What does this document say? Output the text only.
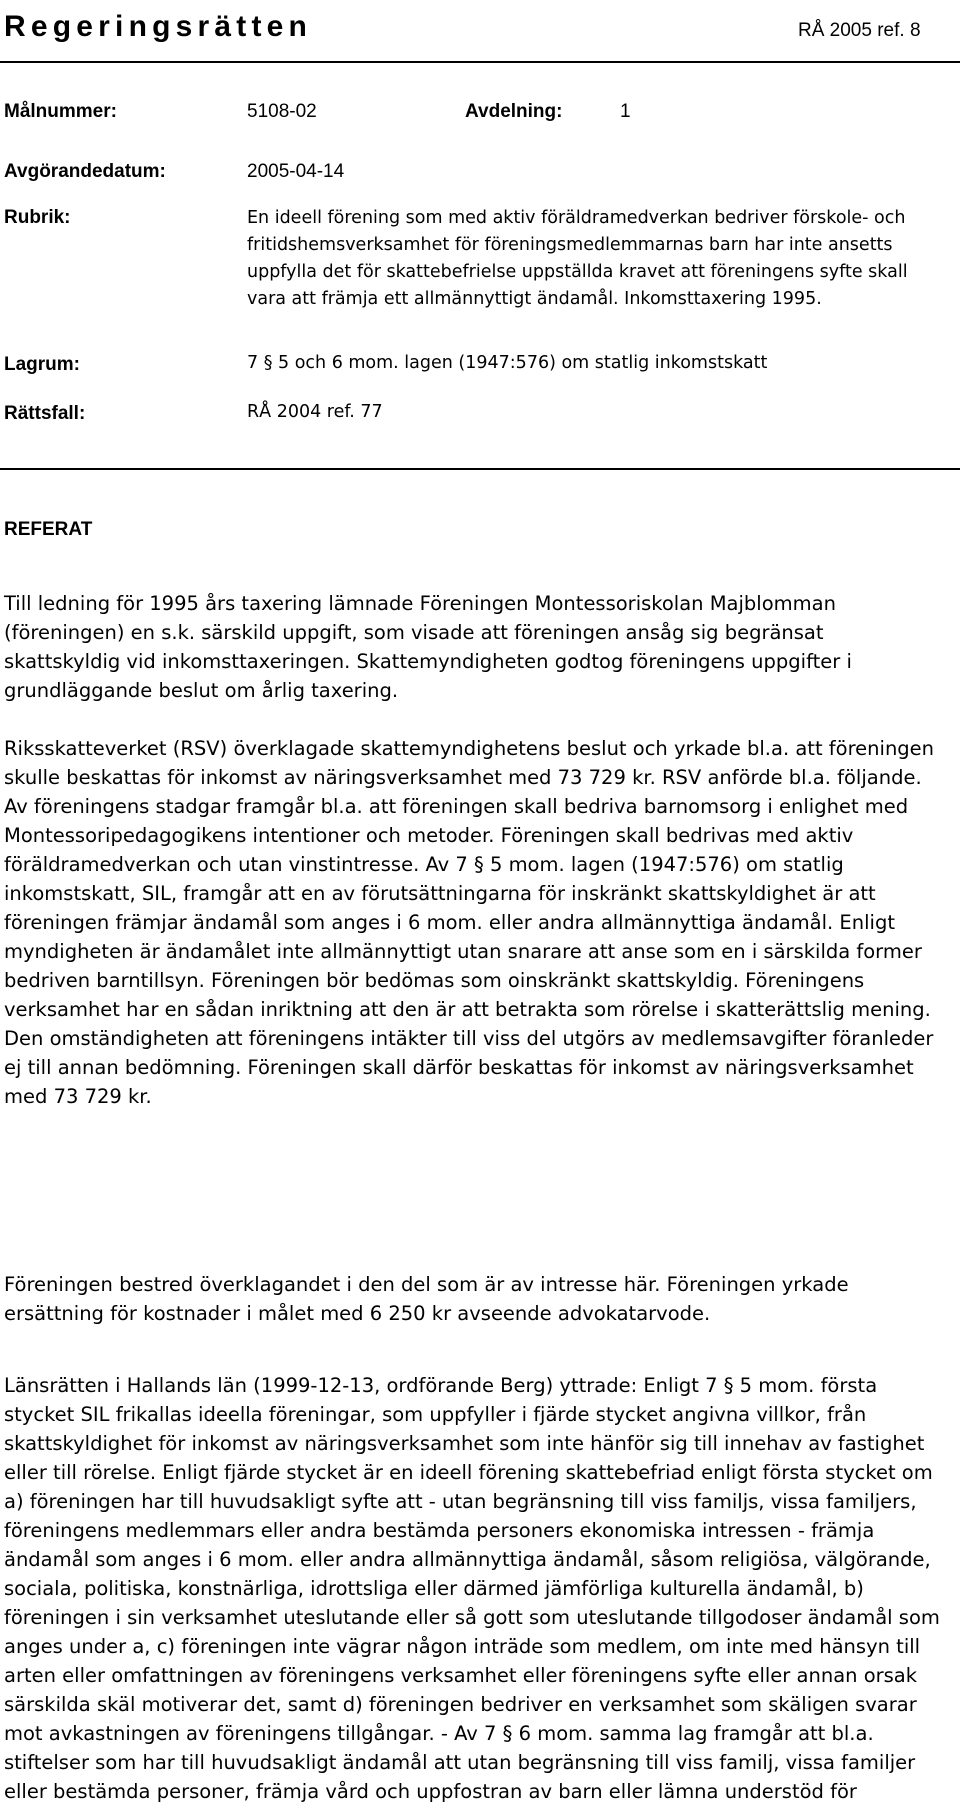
Regeringsrätten	RÅ 2005 ref. 8
Målnummer:	5108-02	Avdelning:	1
Avgörandedatum:	2005-04-14
Rubrik:	En ideell förening som med aktiv föräldramedverkan bedriver förskole- och fritidshemsverksamhet för föreningsmedlemmarnas barn har inte ansetts uppfylla det för skattebefrielse uppställda kravet att föreningens syfte skall vara att främja ett allmännyttigt ändamål. Inkomsttaxering 1995.
Lagrum:	7 § 5 och 6 mom. lagen (1947:576) om statlig inkomstskatt
Rättsfall:	RÅ 2004 ref. 77
REFERAT

Till ledning för 1995 års taxering lämnade Föreningen Montessoriskolan Majblomman (föreningen) en s.k. särskild uppgift, som visade att föreningen ansåg sig begränsat skattskyldig vid inkomsttaxeringen. Skattemyndigheten godtog föreningens uppgifter i grundläggande beslut om årlig taxering.

Riksskatteverket (RSV) överklagade skattemyndighetens beslut och yrkade bl.a. att föreningen skulle beskattas för inkomst av näringsverksamhet med 73 729 kr. RSV anförde bl.a. följande. Av föreningens stadgar framgår bl.a. att föreningen skall bedriva barnomsorg i enlighet med Montessoripedagogikens intentioner och metoder. Föreningen skall bedrivas med aktiv föräldramedverkan och utan vinstintresse. Av 7 § 5 mom. lagen (1947:576) om statlig inkomstskatt, SIL, framgår att en av förutsättningarna för inskränkt skattskyldighet är att föreningen främjar ändamål som anges i 6 mom. eller andra allmännyttiga ändamål. Enligt myndigheten är ändamålet inte allmännyttigt utan snarare att anse som en i särskilda former bedriven barntillsyn. Föreningen bör bedömas som oinskränkt skattskyldig. Föreningens verksamhet har en sådan inriktning att den är att betrakta som rörelse i skatterättslig mening. Den omständigheten att föreningens intäkter till viss del utgörs av medlemsavgifter föranleder ej till annan bedömning. Föreningen skall därför beskattas för inkomst av näringsverksamhet med 73 729 kr.

Föreningen bestred överklagandet i den del som är av intresse här. Föreningen yrkade ersättning för kostnader i målet med 6 250 kr avseende advokatarvode.

Länsrätten i Hallands län (1999-12-13, ordförande Berg) yttrade: Enligt 7 § 5 mom. första stycket SIL frikallas ideella föreningar, som uppfyller i fjärde stycket angivna villkor, från skattskyldighet för inkomst av näringsverksamhet som inte hänför sig till innehav av fastighet eller till rörelse. Enligt fjärde stycket är en ideell förening skattebefriad enligt första stycket om a) föreningen har till huvudsakligt syfte att - utan begränsning till viss familjs, vissa familjers, föreningens medlemmars eller andra bestämda personers ekonomiska intressen - främja ändamål som anges i 6 mom. eller andra allmännyttiga ändamål, såsom religiösa, välgörande, sociala, politiska, konstnärliga, idrottsliga eller därmed jämförliga kulturella ändamål, b) föreningen i sin verksamhet uteslutande eller så gott som uteslutande tillgodoser ändamål som anges under a, c) föreningen inte vägrar någon inträde som medlem, om inte med hänsyn till arten eller omfattningen av föreningens verksamhet eller föreningens syfte eller annan orsak särskilda skäl motiverar det, samt d) föreningen bedriver en verksamhet som skäligen svarar mot avkastningen av föreningens tillgångar. - Av 7 § 6 mom. samma lag framgår att bl.a. stiftelser som har till huvudsakligt ändamål att utan begränsning till viss familj, vissa familjer eller bestämda personer, främja vård och uppfostran av barn eller lämna understöd för
